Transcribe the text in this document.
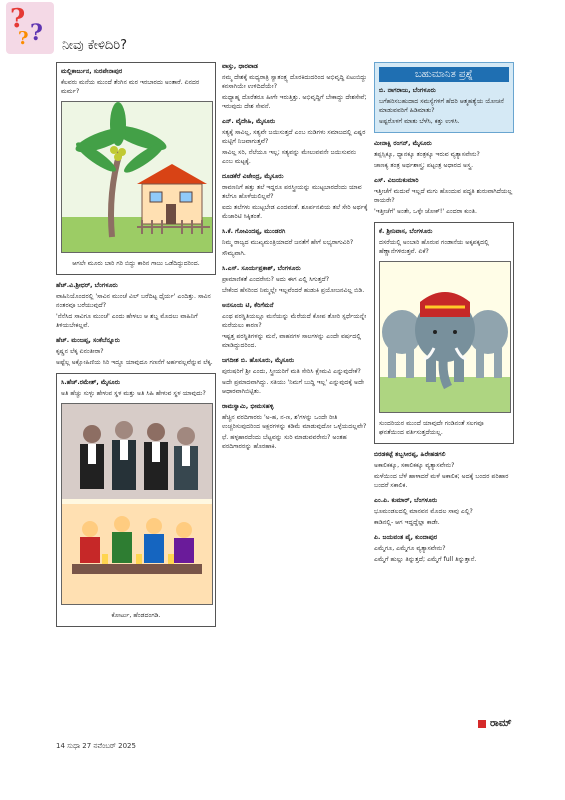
? ?
?	ನೀವು ಕೇಳಿದಿರಿ?

ಮಲ್ಲಿಕಾರ್ಜುನ, ಸುರಪೇನಾಪುರ

ಕೆಲವರು ಮನೆಯ ಮುಂದೆ ತೆಂಗಿನ ಮರ ಇರಬಾರದು ಅಂತಾರೆ. ಏನದರ ಮರ್ಮ?

ಆಗಲೇ ಮೂರು ಬಾರಿ ಗರಿ ಬಿದ್ದು ಕಾರಿನ ಗಾಜು ಒಡೆದಿದ್ದುದರಿಂದ.

ಹೆಚ್.ವಿ.ಶ್ರೀಧರ್, ಬೆಂಗಳೂರು

ವಾಹಿನಿಯೊಂದರಲ್ಲಿ 'ಸಾವಿನ ಮುಂಚೆ ವಿಲ್ ಬರೆದಿಟ್ಟ ಧೈರ್ಯ' ಎಂದಿತ್ತು. ಸಾವಿನ ನಂತರವೂ ಬರೆಯುವುದೆ?

'ನೆನೆಸಿದ ಸಾವಿಗೂ ಮುಂಚೆ' ಎಂದು ಹೇಳಲು ಆ ಶಬ್ದ ಮೊದಲು ವಾಹಿನಿಗೆ ತಿಳಿಯಬೇಕಲ್ಲವೆ.

ಹೆಚ್. ಮಂಜಪ್ಪ, ಸಂಕೆಬೆನ್ನೂರು

ಕೃಷ್ಣನ ಲೆಕ್ಕ ಏನಂತೀರಾ?

ಅಷ್ಟೆಲ್ಲ ಅಕ್ಷೋಹಿಣಿಯ ಸಿರಿ ಇದ್ದೂ ಯಾವುದೂ ಗಣನೆಗೆ ಅರ್ಹವಲ್ಲವೆನ್ನುವ ಲೆಕ್ಕ.

ಸಿ.ಹೆಚ್.ರಮೇಶ್, ಮೈಸೂರು

ಅತಿ ಹೆಚ್ಚು ಸುಳ್ಳು ಹೇಳುವ ಸ್ಥಳ ಮತ್ತು ಅತಿ ಸಿಹಿ ಹೇಳುವ ಸ್ಥಳ ಯಾವುದು?

ಕೋರ್ಟು, ಹೆಂಡದಂಗಡಿ.

ವಾಸ್ತು, ಧಾರವಾಡ

ನಮ್ಮ ದೇಶಕ್ಕೆ ಮಧ್ಯರಾತ್ರಿ ಸ್ವಾತಂತ್ರ್ಯ ದೊರಕಿದುದರಿಂದ ಅಭಿವೃದ್ಧಿ ಏಟುಬಿದ್ದು ಕನಸಾಗಿಯೇ ಉಳಿದಿದೆಯೇ?

ಮಧ್ಯಾಹ್ನ ದೊರೆತರೂ ಹೀಗೇ ಇರುತ್ತಿತ್ತು. ಅಭಿವೃದ್ಧಿಗೆ ಬೇಕಾದ್ದು ದೇಶಸೇವೆ; ಇರುವುದು ದೇಶ ಸೇವನೆ.

ಎನ್. ವೈದೇಹಿ, ಮೈಸೂರು

ಸತ್ಯಕ್ಕೆ ಸಾವಿಲ್ಲ, ಸತ್ಯವೇ ಜಯಿಸುತ್ತದೆ ಎಂಬ ನುಡಿಗಳು ಸಮಾಜದಲ್ಲಿ ಎಷ್ಟರ ಮಟ್ಟಿಗೆ ನಿಜವಾಗುತ್ತವೆ?

ಸಾವಿಲ್ಲ ಸರಿ, ನೆಲೆಯೂ ಇಲ್ಲ; ಸತ್ಯವನ್ನು ಮೇಲುವವನೇ ಜಯಿಸುವನು ಎಂಬ ಮಟ್ಟಕ್ಕೆ.

ದೂಡಕೆರೆ ವಿಜೇಂದ್ರ, ಮೈಸೂರು

ರಾವಣನಿಗೆ ಹತ್ತು ತಲೆ ಇದ್ದರೂ ಪರಸ್ತ್ರೀಯನ್ನು ಮುಟ್ಟಬಾರದೆಂದು ಯಾವ ತಲೆಗೂ ಹೊಳೆಯಲಿಲ್ಲವೆ?

ಐದು ತಲೆಗಳು ಮುಟ್ಟಬೇಡ ಎಂದವಂತೆ. ಶೂರ್ಪನಖಿಯ ತಲೆ ಸೇರಿ ಅರ್ಥಕ್ಕೆ ಮೆಜಾರಿಟಿ ಸಿಕ್ಕಿತಂತೆ.

ಸಿ.ಕೆ. ಗೋವಿಂದಪ್ಪ, ಮುಂಡರಗಿ

ನಿಮ್ಮ ರಾಜ್ಯದ ಮುಖ್ಯಮಂತ್ರಿಯಾದರೆ ಜನತೆಗೆ ಹೇಗೆ ಲಭ್ಯರಾಗುವಿರಿ?

ಸೌಮ್ಯವಾಗಿ.

ಸಿ.ಎಸ್. ಸೂರ್ಯಪ್ರಕಾಶ್, ಬೆಂಗಳೂರು

ಪ್ರಾಮಾಣಿಕತೆ ಎಂದರೇನು? ಅದು ಈಗ ಎಲ್ಲಿ ಸಿಗುತ್ತದೆ?

ಬೇಕೆಂದ ಹೆಸರಿಂದ ನಿಮ್ಮಲ್ಲೇ ಇಲ್ಲವೆಂದರೆ ಹುಡುಕಿ ಪ್ರಯೋಜನವಿಲ್ಲ ಬಿಡಿ.

ಅನಸೂಯ ಟಿ, ಕೆರಿಗೆಮನೆ

ಎಂಥ ಪರಸ್ಥಿತಿಯಲ್ಲೂ ಮನೆಯನ್ನು ಮೆರೆಯದೆ ಕೋಪ ತೋರಿ ಸ್ಪರ್ಧೆಯನ್ನೇ ಮರೆಯಲು ಕಾರಣ?

ಇಷ್ಟತ್ತ ಪರಸ್ಥಿತಿಗಳನ್ನು ಮನೆ, ವಾಹನಗಳ ಸಾಲಗಳನ್ನು ಎಂದೇ ವರ್ಷದಲ್ಲಿ ಮಾಡಿದ್ದುದರಿಂದ.

ಜಗದೀಶ ಬಿ. ಹೊಸೂರು, ಮೈಸೂರು

ಪುರುಷರಿಗೆ ಶ್ರೀ ಎಂದು, ಸ್ತ್ರೀಯರಿಗೆ ಮತಿ ಸೇರಿಸಿ ಕ್ಷೇಮವಿ ಎನ್ನುವುದೇಕೆ?

ಅದೇ ಪ್ರಮಾದವಾಗಿದ್ದು. ಸತಿಯು 'ನಿಮಗೆ ಬುದ್ಧಿ ಇಲ್ಲ' ಎನ್ನುವುದಕ್ಕೆ ಅದೇ ಆಧಾರವಾಗಿಬಿಟ್ಟಿತು.

ರಾಮಸ್ವಾಮಿ, ಭೀಮಸಹಳ್ಳಿ

ಹೆಚ್ಚಿನ ವರದಿಗಾರರು 'ಅ-ಹ, ನ-ಣ, ಶ'ಗಳನ್ನು ಒಂದೇ ರೀತಿ ಉಚ್ಚರಿಸುವುದರಿಂದ ಅಕ್ಷರಗಳನ್ನು ಕಡಿಮೆ ಮಾಡುವುದೋ ಒಳ್ಳೆಯದಲ್ಲವೇ?

ಛೆ. ಹಳ್ಳಹಾರದೆಂದು ಬೆಟ್ಟವನ್ನು ಸುರಿ ಮಾಡುವವರೇನು? ಅಂತಹ ವರದಿಗಾರರನ್ನು ಹೊರಹಾಕಿ.

ಬಹುಮಾನಿತ ಪ್ರಶ್ನೆ

ಬಿ. ನಾಗರಾಜು, ಬೆಂಗಳೂರು

ಬಗೆಹರಿಸಬಹುದಾದ ಸಮಸ್ಯೆಗಳಿಗೆ ಹೆದರಿ ಆತ್ಮಹತ್ಯೆಯ ಯೋಚನೆ ಮಾಡುವವರಿಗೆ ಹಿಡಿಮಾತು?

ಅಷ್ಟರೊಳಗೆ ಮಾತು ಬೆಳೆಸಿ, ಕತ್ತು ಉಳಿಸಿ.

ಮೀನಾಕ್ಷಿ ರಂಗನ್, ಮೈಸೂರು

ತಪ್ಪಸ್ಸಿಕ್ಕೂ, ಧ್ಯಾನಕ್ಕೂ ತಂತ್ರಕ್ಕೂ ಇರುವ ವ್ಯತ್ಯಾಸವೇನು?

ಚಾಣಕ್ಯ ತಂತ್ರ ಅರ್ಥಶಾಸ್ತ್ರ; ಪಟ್ಟಂತ್ರ ಅಧಾರದ ಅಸ್ತ್ರ.

ಎಸ್. ವಿಜಯಕುಮಾರಿ

ಇತ್ತೀಚೆಗೆ ಮದುವೆ ಇಲ್ಲದೆ ಮಗು ಹೊಂದುವ ಪದ್ಧತಿ ಶುರುವಾಗಿದೆಯಲ್ಲ ರಾಯರೇ?

'ಇತ್ತೀಚೆಗೆ' ಅಂತೇ, ಒಳ್ಳೇ ಜೋಕ್!' ಎಂದರಾ ಕುಂತಿ.

ಕೆ. ಶ್ರೀನಿವಾಸ, ಬೆಂಗಳೂರು

ದಸರೆಯಲ್ಲಿ ಅಂಬಾರಿ ಹೊರುವ ಗಂಡಾನೆಯ ಅಕ್ಕಪಕ್ಕದಲ್ಲಿ ಹೆಣ್ಣಾನೆಗಳಿರುತ್ತವೆ. ಏಕೆ?

ಸುಂದರಿಯರ ಮುಂದೆ ಯಾವುದೇ ಗಂಡಿನಂತೆ ಸಲಗವೂ ಘನತೆಯಿಂದ ವರ್ತಿಸುತ್ತದೆಯಲ್ಲ.

ಬಿರಡಕಟ್ಟೆ ತಬ್ಬಸೀರಪ್ಪ, ಹಿರೇಹಡಗಲಿ

ಅಕಾಲಿಕಕ್ಕೂ, ಸಕಾಲಿಕಕ್ಕೂ ವ್ಯತ್ಯಾಸವೇನು?

ಮಳೆಯಿಂದ ಬೆಳೆ ಹಾಳಾದರೆ ಮಳೆ ಅಕಾಲಿಕ; ಅದಕ್ಕೆ ಬಂದರ ಪರಿಹಾರ ಬಂದರೆ ಸಕಾಲಿಕ.

ಎಂ.ಪಿ. ಕುಮಾರ್, ಬೆಂಗಳೂರು

ಭೂಮಂಡಲದಲ್ಲಿ ಮಾನವನ ಮೊದಲ ಸಾವು ಎಲ್ಲಿ?

ಕಾಡಿನಲ್ಲಿ- ಆಗ ಇದ್ದದ್ದೆಲ್ಲಾ ಕಾಡೇ.

ಪಿ. ಜಯವಂತ ಪೈ, ಕುಂದಾಪುರ

ಎಮ್ಮೆಗೂ, ಎಮ್ಮೆಗೂ ವ್ಯತ್ಯಾಸವೇನು?

ಎಮ್ಮೆಗೆ ಹುಲ್ಲು ತಿನ್ನುತ್ತದೆ; ಎಮ್ಮೆಗೆ full ತಿನ್ನುತ್ತಾನೆ.

ರಾಮ್
14 ಸುಧಾ 27 ನವೆಂಬರ್ 2025
